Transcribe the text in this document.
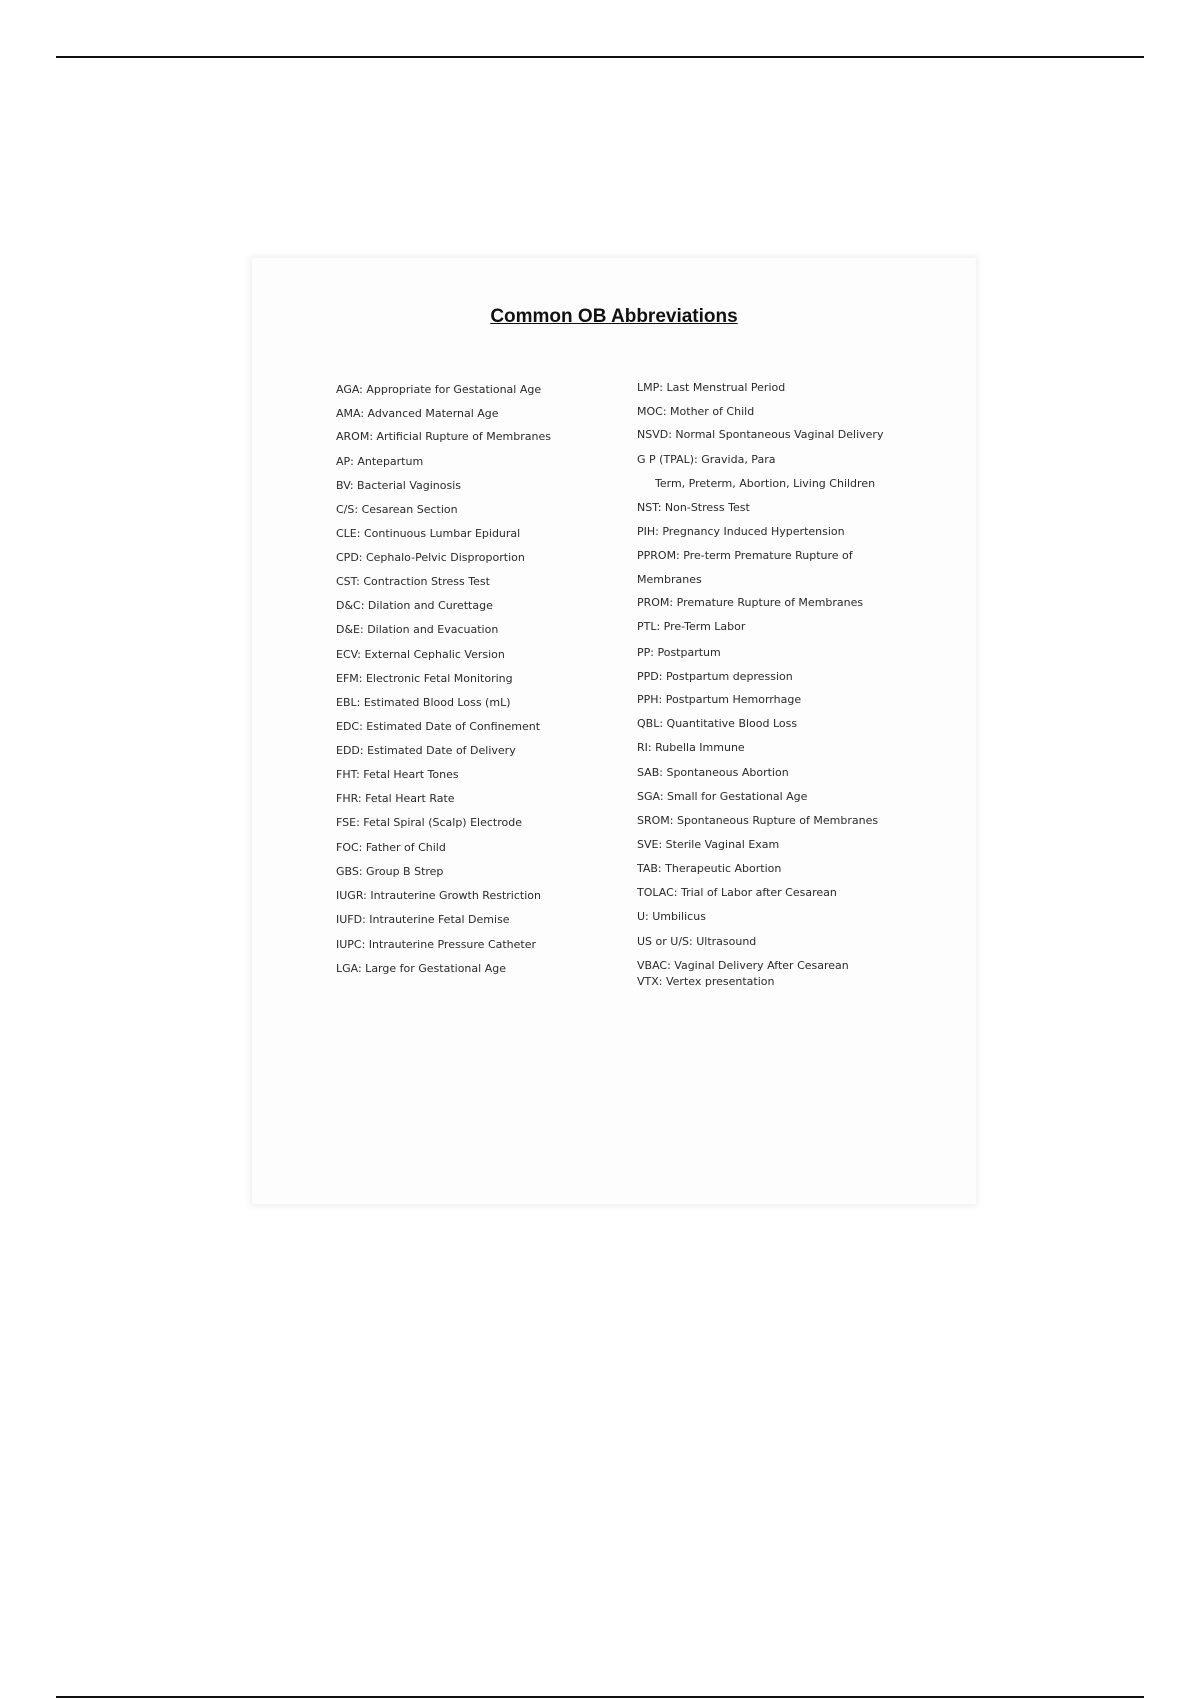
Common OB Abbreviations
AGA: Appropriate for Gestational Age
AMA: Advanced Maternal Age
AROM: Artificial Rupture of Membranes
AP: Antepartum
BV: Bacterial Vaginosis
C/S: Cesarean Section
CLE: Continuous Lumbar Epidural
CPD: Cephalo-Pelvic Disproportion
CST: Contraction Stress Test
D&C: Dilation and Curettage
D&E: Dilation and Evacuation
ECV: External Cephalic Version
EFM: Electronic Fetal Monitoring
EBL: Estimated Blood Loss (mL)
EDC: Estimated Date of Confinement
EDD: Estimated Date of Delivery
FHT: Fetal Heart Tones
FHR: Fetal Heart Rate
FSE: Fetal Spiral (Scalp) Electrode
FOC: Father of Child
GBS: Group B Strep
IUGR: Intrauterine Growth Restriction
IUFD: Intrauterine Fetal Demise
IUPC: Intrauterine Pressure Catheter
LGA: Large for Gestational Age
LMP: Last Menstrual Period
MOC: Mother of Child
NSVD: Normal Spontaneous Vaginal Delivery
G P (TPAL): Gravida, Para
Term, Preterm, Abortion, Living Children
NST: Non-Stress Test
PIH: Pregnancy Induced Hypertension
PPROM: Pre-term Premature Rupture of
Membranes
PROM: Premature Rupture of Membranes
PTL: Pre-Term Labor
PP: Postpartum
PPD: Postpartum depression
PPH: Postpartum Hemorrhage
QBL: Quantitative Blood Loss
RI: Rubella Immune
SAB: Spontaneous Abortion
SGA: Small for Gestational Age
SROM: Spontaneous Rupture of Membranes
SVE: Sterile Vaginal Exam
TAB: Therapeutic Abortion
TOLAC: Trial of Labor after Cesarean
U: Umbilicus
US or U/S: Ultrasound
VBAC: Vaginal Delivery After Cesarean
VTX: Vertex presentation
